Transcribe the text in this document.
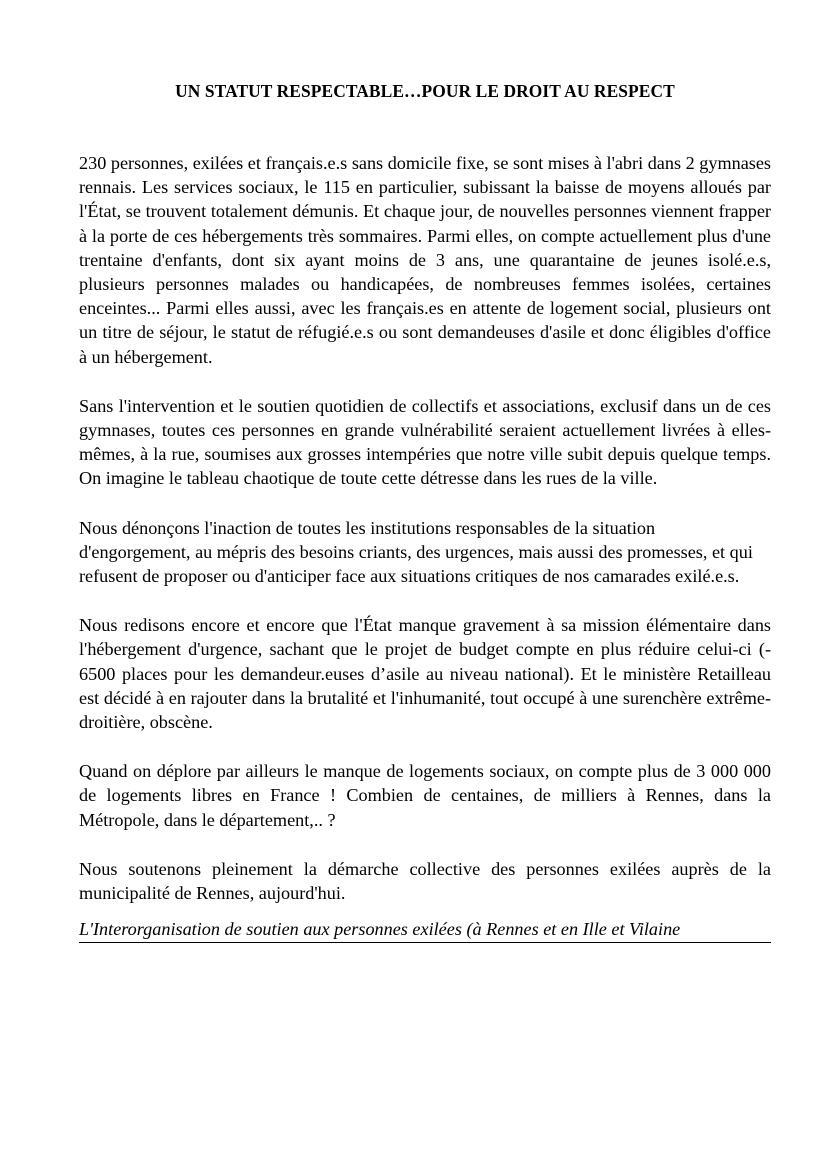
UN STATUT RESPECTABLE…POUR LE DROIT AU RESPECT

230 personnes, exilées et français.e.s sans domicile fixe, se sont mises à l'abri dans 2 gymnases rennais. Les services sociaux, le 115 en particulier, subissant la baisse de moyens alloués par l'État, se trouvent totalement démunis. Et chaque jour, de nouvelles personnes viennent frapper à la porte de ces hébergements très sommaires. Parmi elles, on compte actuellement plus d'une trentaine d'enfants, dont six ayant moins de 3 ans, une quarantaine de jeunes isolé.e.s, plusieurs personnes malades ou handicapées, de nombreuses femmes isolées, certaines enceintes... Parmi elles aussi, avec les français.es en attente de logement social, plusieurs ont un titre de séjour, le statut de réfugié.e.s ou sont demandeuses d'asile et donc éligibles d'office à un hébergement.

Sans l'intervention et le soutien quotidien de collectifs et associations, exclusif dans un de ces gymnases, toutes ces personnes en grande vulnérabilité seraient actuellement livrées à elles-mêmes, à la rue, soumises aux grosses intempéries que notre ville subit depuis quelque temps. On imagine le tableau chaotique de toute cette détresse dans les rues de la ville.

Nous dénonçons l'inaction de toutes les institutions responsables de la situation d'engorgement, au mépris des besoins criants, des urgences, mais aussi des promesses, et qui refusent de proposer ou d'anticiper face aux situations critiques de nos camarades exilé.e.s.

Nous redisons encore et encore que l'État manque gravement à sa mission élémentaire dans l'hébergement d'urgence, sachant que le projet de budget compte en plus réduire celui-ci (- 6500 places pour les demandeur.euses d’asile au niveau national). Et le ministère Retailleau est décidé à en rajouter dans la brutalité et l'inhumanité, tout occupé à une surenchère extrême-droitière, obscène.

Quand on déplore par ailleurs le manque de logements sociaux, on compte plus de 3 000 000 de logements libres en France ! Combien de centaines, de milliers à Rennes, dans la Métropole, dans le département,.. ?

Nous soutenons pleinement la démarche collective des personnes exilées auprès de la municipalité de Rennes, aujourd'hui.

L'Interorganisation de soutien aux personnes exilées (à Rennes et en Ille et Vilaine
